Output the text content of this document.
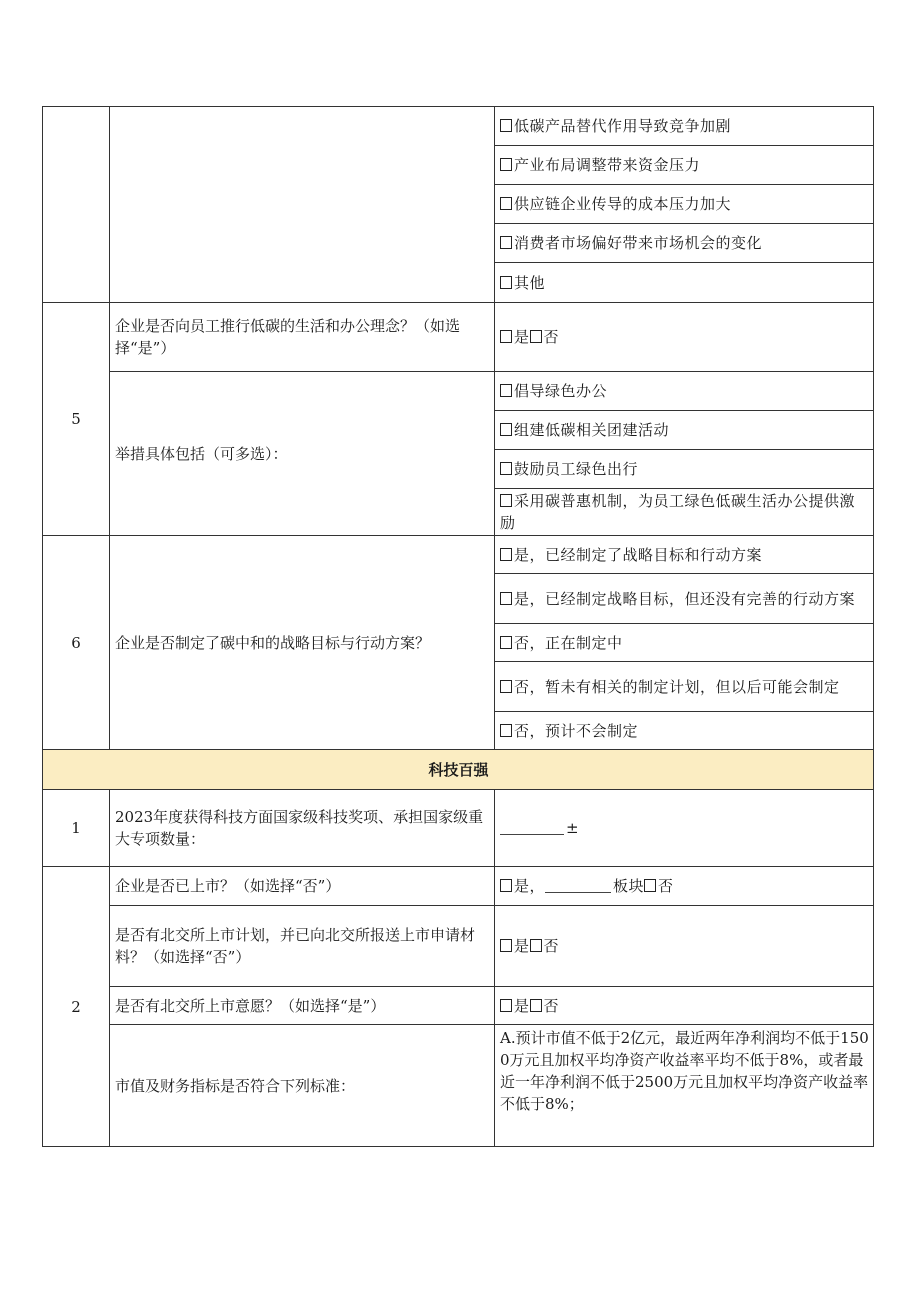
		低碳产品替代作用导致竞争加剧
		产业布局调整带来资金压力
		供应链企业传导的成本压力加大
		消费者市场偏好带来市场机会的变化
		其他
5	企业是否向员工推行低碳的生活和办公理念？（如选择“是”）	是 否
	举措具体包括（可多选）：	倡导绿色办公
		组建低碳相关团建活动
		鼓励员工绿色出行
		采用碳普惠机制，为员工绿色低碳生活办公提供激励
6	企业是否制定了碳中和的战略目标与行动方案？	是，已经制定了战略目标和行动方案
		是，已经制定战略目标，但还没有完善的行动方案
		否，正在制定中
		否，暂未有相关的制定计划，但以后可能会制定
		否，预计不会制定
科技百强		
1	2023年度获得科技方面国家级科技奖项、承担国家级重大专项数量：	±
2	企业是否已上市？（如选择“否”）	是， 板块 否
	是否有北交所上市计划，并已向北交所报送上市申请材料？（如选择“否”）	是 否
	是否有北交所上市意愿？（如选择“是”）	是 否
	市值及财务指标是否符合下列标准：	A.预计市值不低于2亿元，最近两年净利润均不低于1500万元且加权平均净资产收益率平均不低于8%，或者最近一年净利润不低于2500万元且加权平均净资产收益率不低于8%；
